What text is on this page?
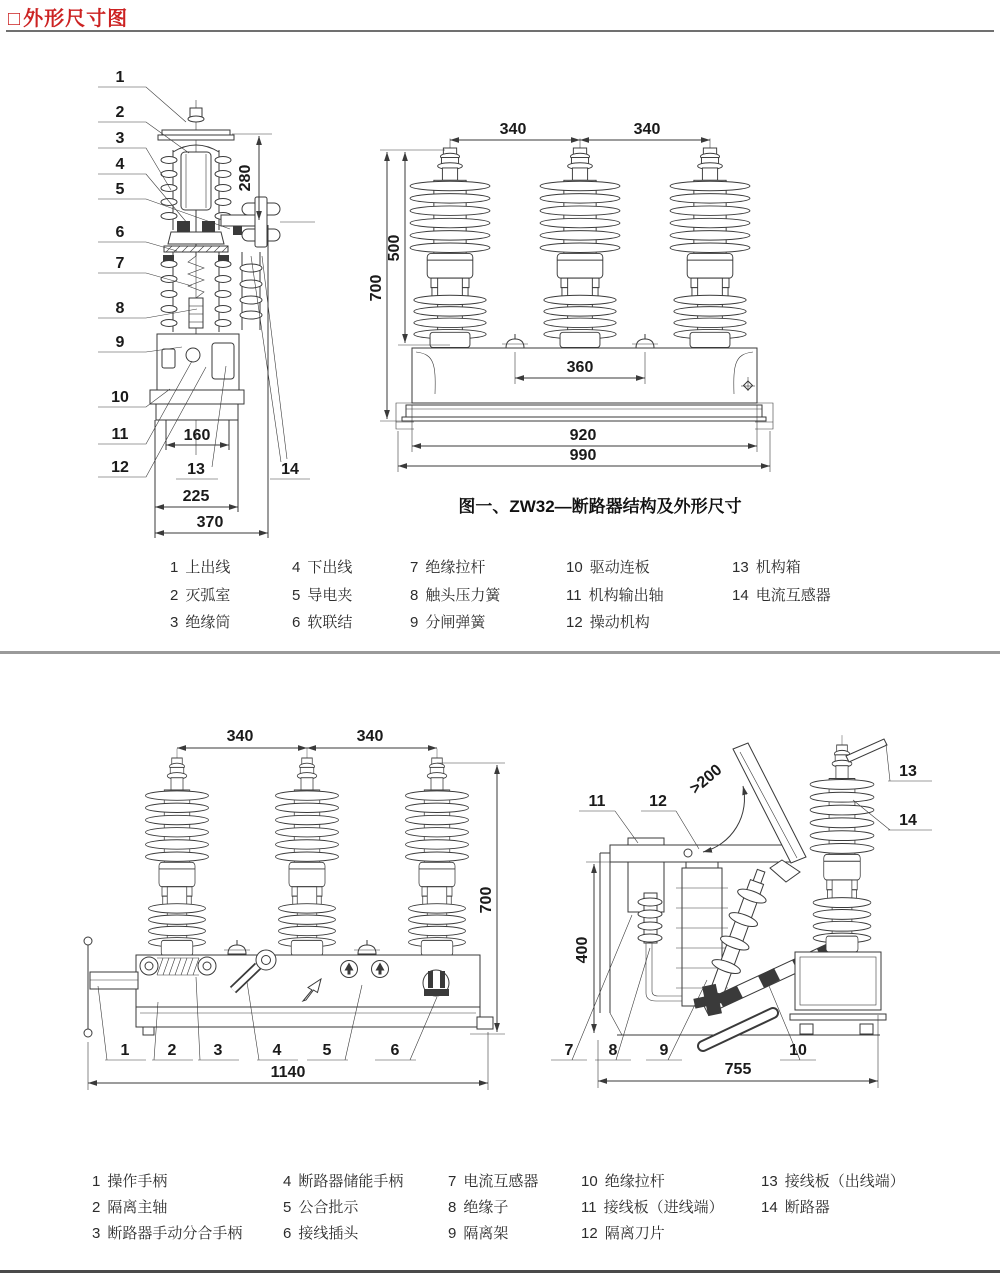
□ 外形尺寸图
280
160
225
370
1
2
3
4
5
6
7
8
9
10
11
12	13	14
340	340
500
700
360
920
990
340	340
700
1140
1 2 3	4	5	6
400
755
>200
7 8	9	10
11	12
13
14
图一、ZW32—断路器结构及外形尺寸
1 上出线
2 灭弧室
3 绝缘筒
4 下出线
5 导电夹
6 软联结
7 绝缘拉杆
8 触头压力簧
9 分闸弹簧
10 驱动连板
11 机构输出轴
12 操动机构
13 机构箱
14 电流互感器
1 操作手柄
2 隔离主轴
3 断路器手动分合手柄
4 断路器储能手柄
5 公合批示
6 接线插头
7 电流互感器
8 绝缘子
9 隔离架
10 绝缘拉杆
11 接线板（进线端）
12 隔离刀片
13 接线板（出线端）
14 断路器
